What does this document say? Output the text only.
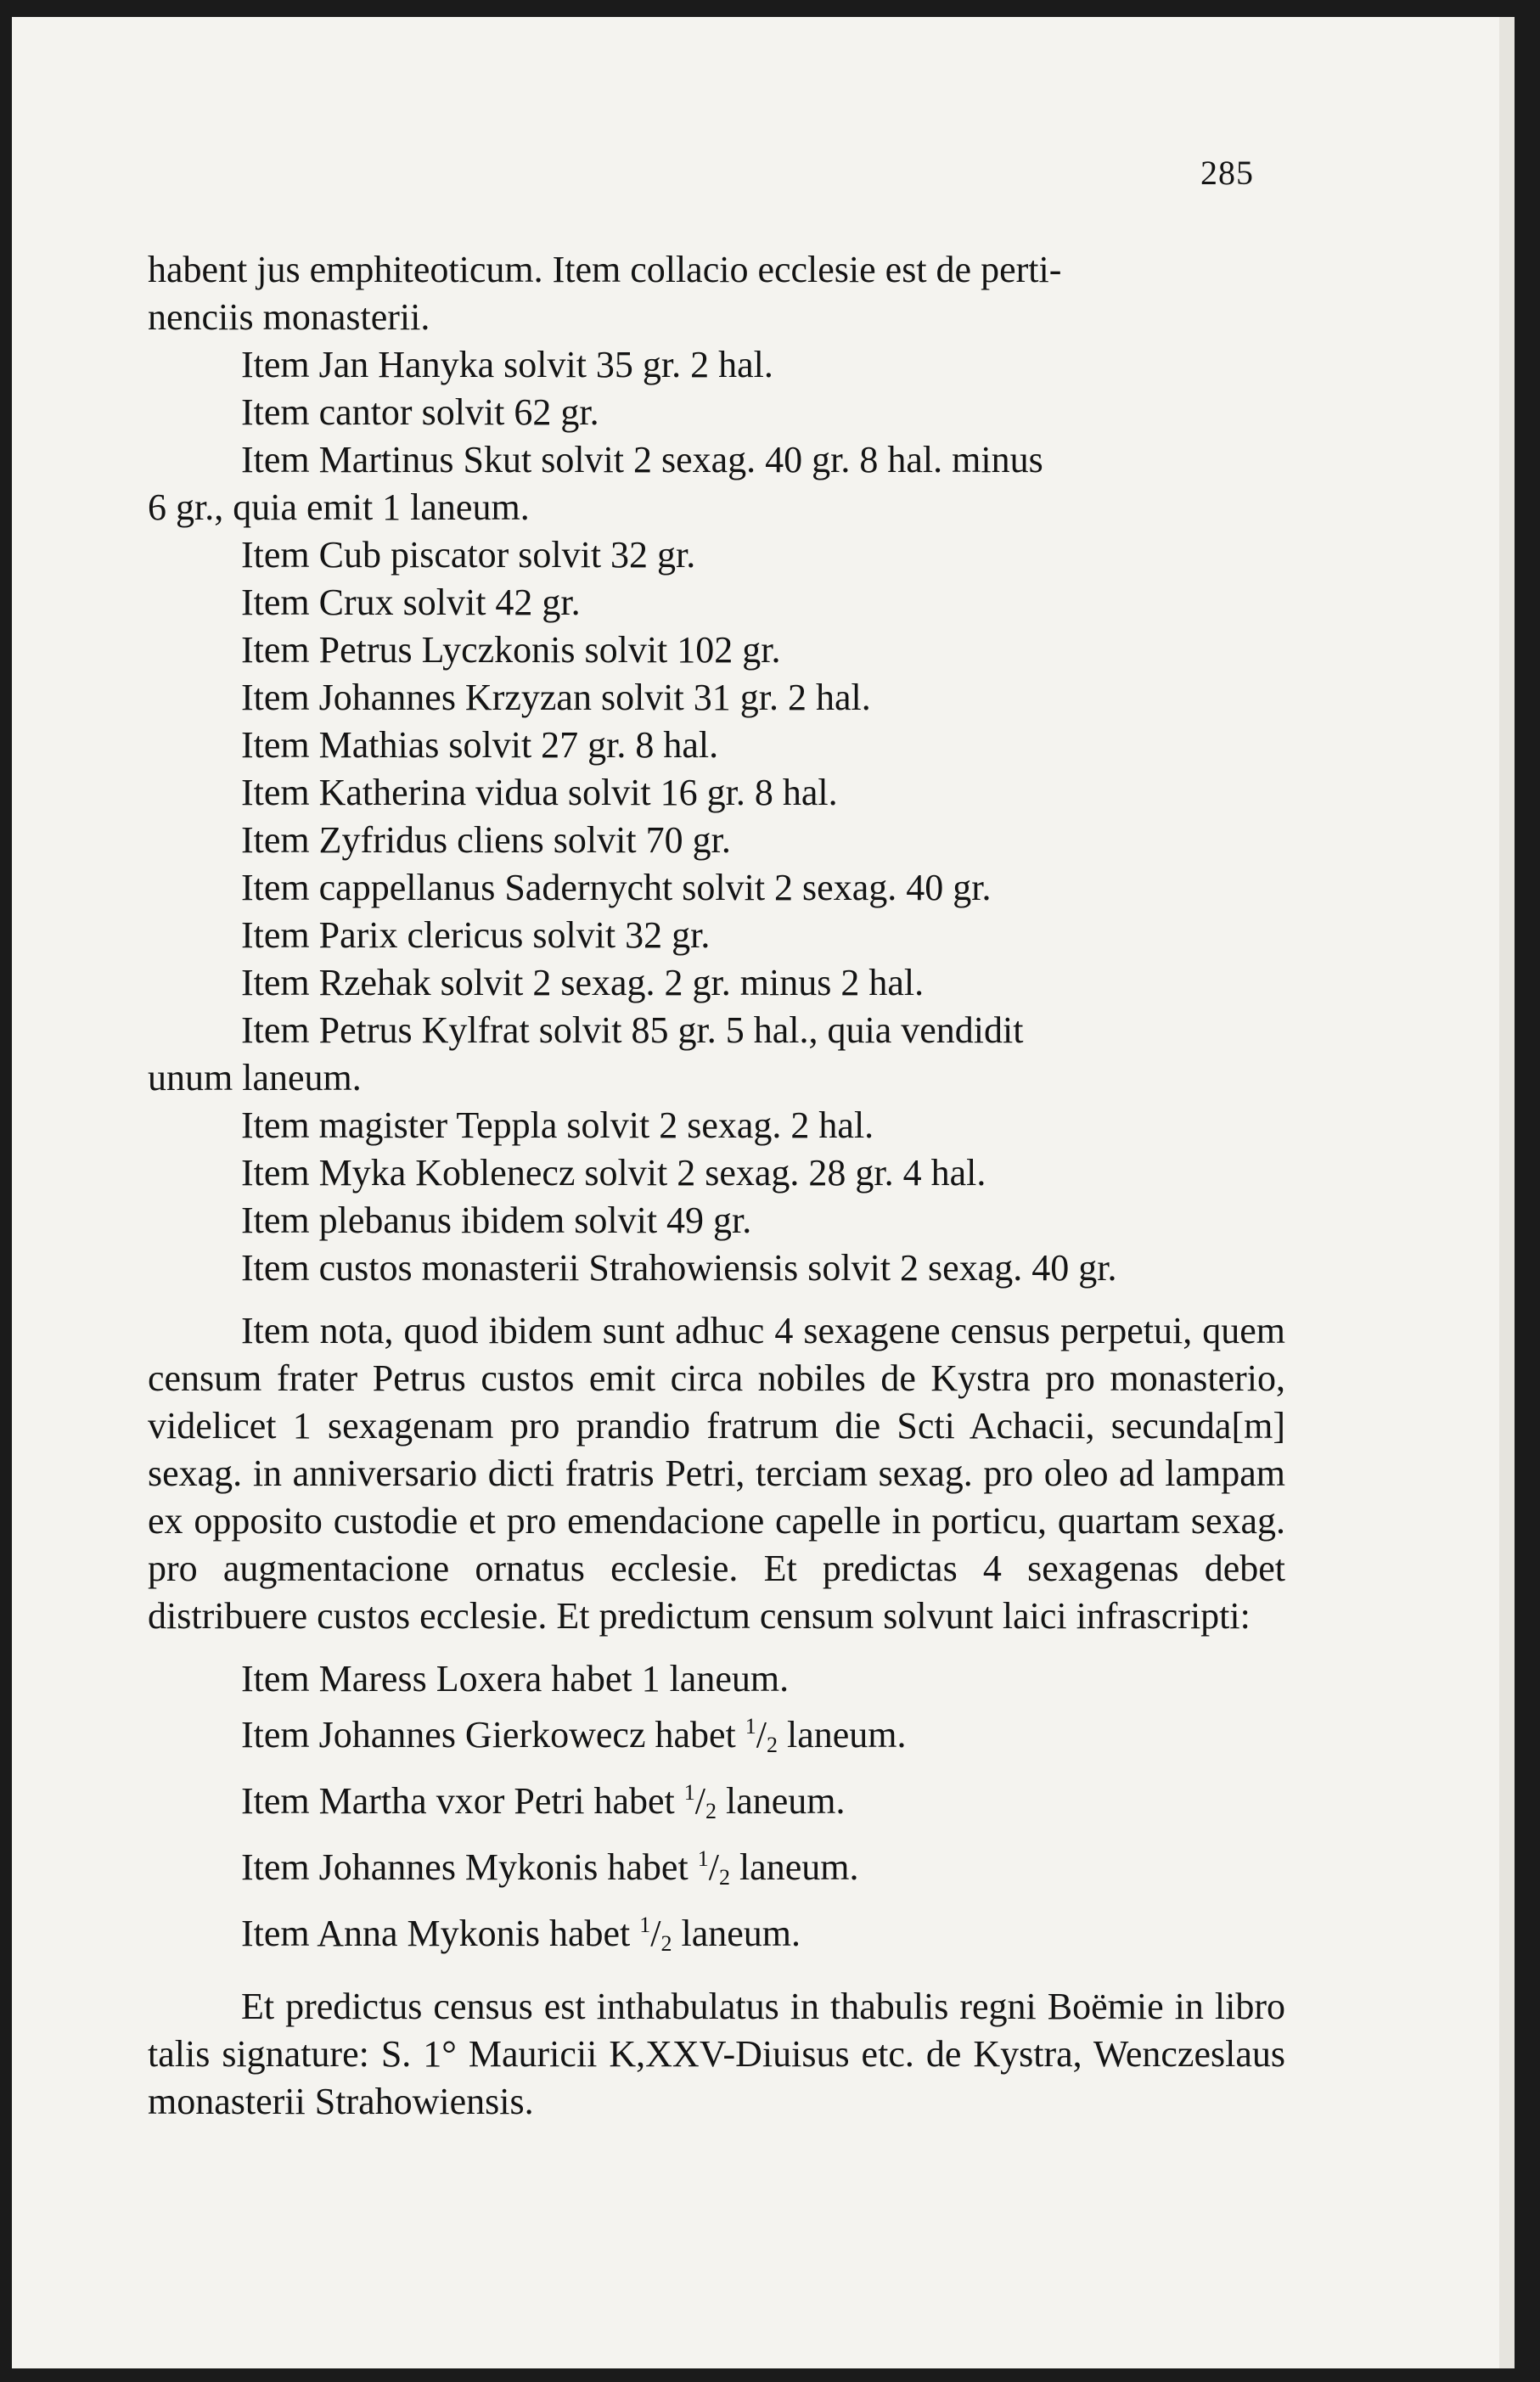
285
habent jus emphiteoticum. Item collacio ecclesie est de perti-
nenciis monasterii.
Item Jan Hanyka solvit 35 gr. 2 hal.
Item cantor solvit 62 gr.
Item Martinus Skut solvit 2 sexag. 40 gr. 8 hal. minus
6 gr., quia emit 1 laneum.
Item Cub piscator solvit 32 gr.
Item Crux solvit 42 gr.
Item Petrus Lyczkonis solvit 102 gr.
Item Johannes Krzyzan solvit 31 gr. 2 hal.
Item Mathias solvit 27 gr. 8 hal.
Item Katherina vidua solvit 16 gr. 8 hal.
Item Zyfridus cliens solvit 70 gr.
Item cappellanus Sadernycht solvit 2 sexag. 40 gr.
Item Parix clericus solvit 32 gr.
Item Rzehak solvit 2 sexag. 2 gr. minus 2 hal.
Item Petrus Kylfrat solvit 85 gr. 5 hal., quia vendidit
unum laneum.
Item magister Teppla solvit 2 sexag. 2 hal.
Item Myka Koblenecz solvit 2 sexag. 28 gr. 4 hal.
Item plebanus ibidem solvit 49 gr.
Item custos monasterii Strahowiensis solvit 2 sexag. 40 gr.
Item nota, quod ibidem sunt adhuc 4 sexagene census perpetui, quem censum frater Petrus custos emit circa nobiles de Kystra pro monasterio, videlicet 1 sexagenam pro prandio fratrum die Scti Achacii, secunda[m] sexag. in anniversario dicti fratris Petri, terciam sexag. pro oleo ad lampam ex opposito custodie et pro emendacione capelle in porticu, quartam sexag. pro augmentacione ornatus ecclesie. Et predictas 4 sexagenas debet distribuere custos ecclesie. Et predictum censum solvunt laici infrascripti:
Item Maress Loxera habet 1 laneum.
Item Johannes Gierkowecz habet $^1/_2$ laneum.
Item Martha vxor Petri habet $^1/_2$ laneum.
Item Johannes Mykonis habet $^1/_2$ laneum.
Item Anna Mykonis habet $^1/_2$ laneum.
Et predictus census est inthabulatus in thabulis regni Boëmie in libro talis signature: S. 1° Mauricii K,XXV-Diuisus etc. de Kystra, Wenczeslaus monasterii Strahowiensis.
